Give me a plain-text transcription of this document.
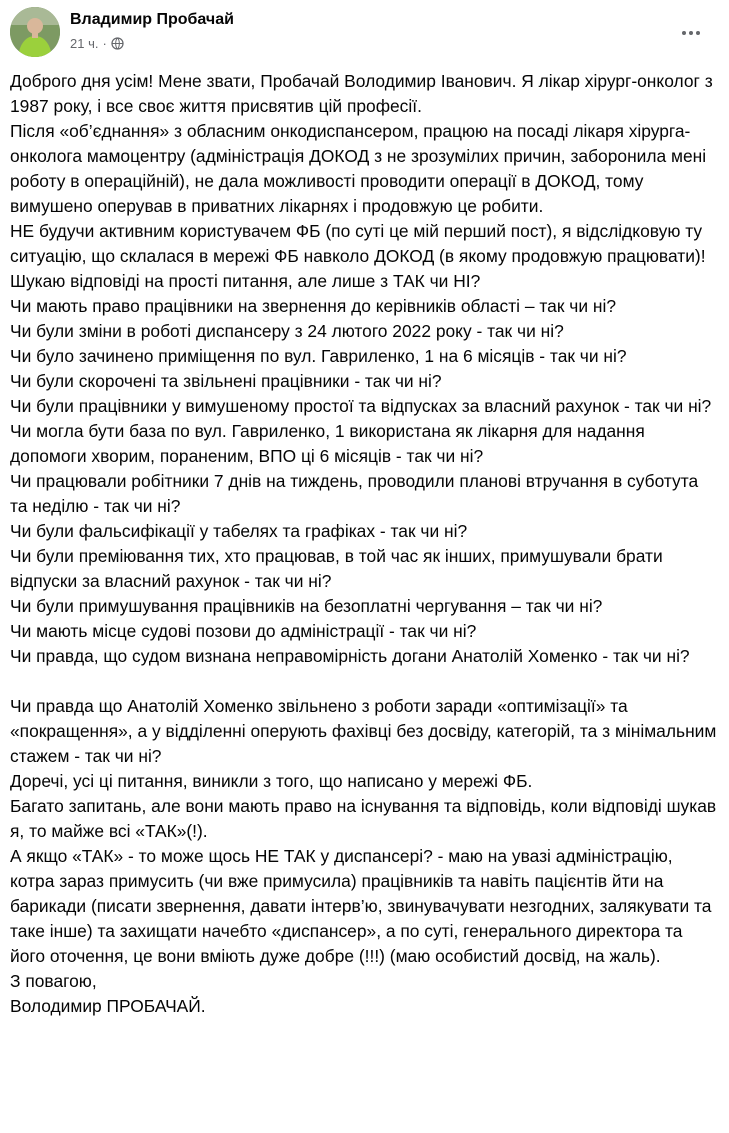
Владимир Пробачай
21 ч. ·

Доброго дня усім! Мене звати, Пробачай Володимир Іванович. Я лікар хірург-онколог з 1987 року, і все своє життя присвятив цій професії.

Після «об’єднання» з обласним онкодиспансером, працюю на посаді лікаря хірурга-онколога мамоцентру (адміністрація ДОКОД з не зрозумілих причин, заборонила мені роботу в операційній), не дала можливості проводити операції в ДОКОД, тому вимушено оперував в приватних лікарнях і продовжую це робити.

НЕ будучи активним користувачем ФБ (по суті це мій перший пост), я відслідковую ту ситуацію, що склалася в мережі ФБ навколо ДОКОД (в якому продовжую працювати)!

Шукаю відповіді на прості питання, але лише з ТАК чи НІ?

Чи мають право працівники на звернення до керівників області – так чи ні?

Чи були зміни в роботі диспансеру з 24 лютого 2022 року - так чи ні?

Чи було зачинено приміщення по вул. Гавриленко, 1 на 6 місяців - так чи ні?

Чи були скорочені та звільнені працівники - так чи ні?

Чи були працівники у вимушеному простої та відпусках за власний рахунок - так чи ні?

Чи могла бути база по вул. Гавриленко, 1 використана як лікарня для надання допомоги хворим, пораненим, ВПО ці 6 місяців - так чи ні?

Чи працювали робітники 7 днів на тиждень, проводили планові втручання в суботута та неділю - так чи ні?

Чи були фальсифікації у табелях та графіках - так чи ні?

Чи були преміювання тих, хто працював, в той час як інших, примушували брати відпуски за власний рахунок - так чи ні?

Чи були примушування працівників на безоплатні чергування – так чи ні?

Чи мають місце судові позови до адміністрації - так чи ні?

Чи правда, що судом визнана неправомірність догани Анатолій Хоменко - так чи ні?

Чи правда що Анатолій Хоменко звільнено з роботи заради «оптимізації» та «покращення», а у відділенні оперують фахівці без досвіду, категорій, та з мінімальним стажем - так чи ні?

Доречі, усі ці питання, виникли з того, що написано у мережі ФБ.

Багато запитань, але вони мають право на існування та відповідь, коли відповіді шукав я, то майже всі «ТАК»(!).

А якщо «ТАК» - то може щось НЕ ТАК у диспансері? - маю на увазі адміністрацію, котра зараз примусить (чи вже примусила) працівників та навіть пацієнтів йти на барикади (писати звернення, давати інтерв’ю, звинувачувати незгодних, залякувати та таке інше) та захищати начебто «диспансер», а по суті, генерального директора та його оточення, це вони вміють дуже добре (!!!) (маю особистий досвід, на жаль).

З повагою,

Володимир ПРОБАЧАЙ.
